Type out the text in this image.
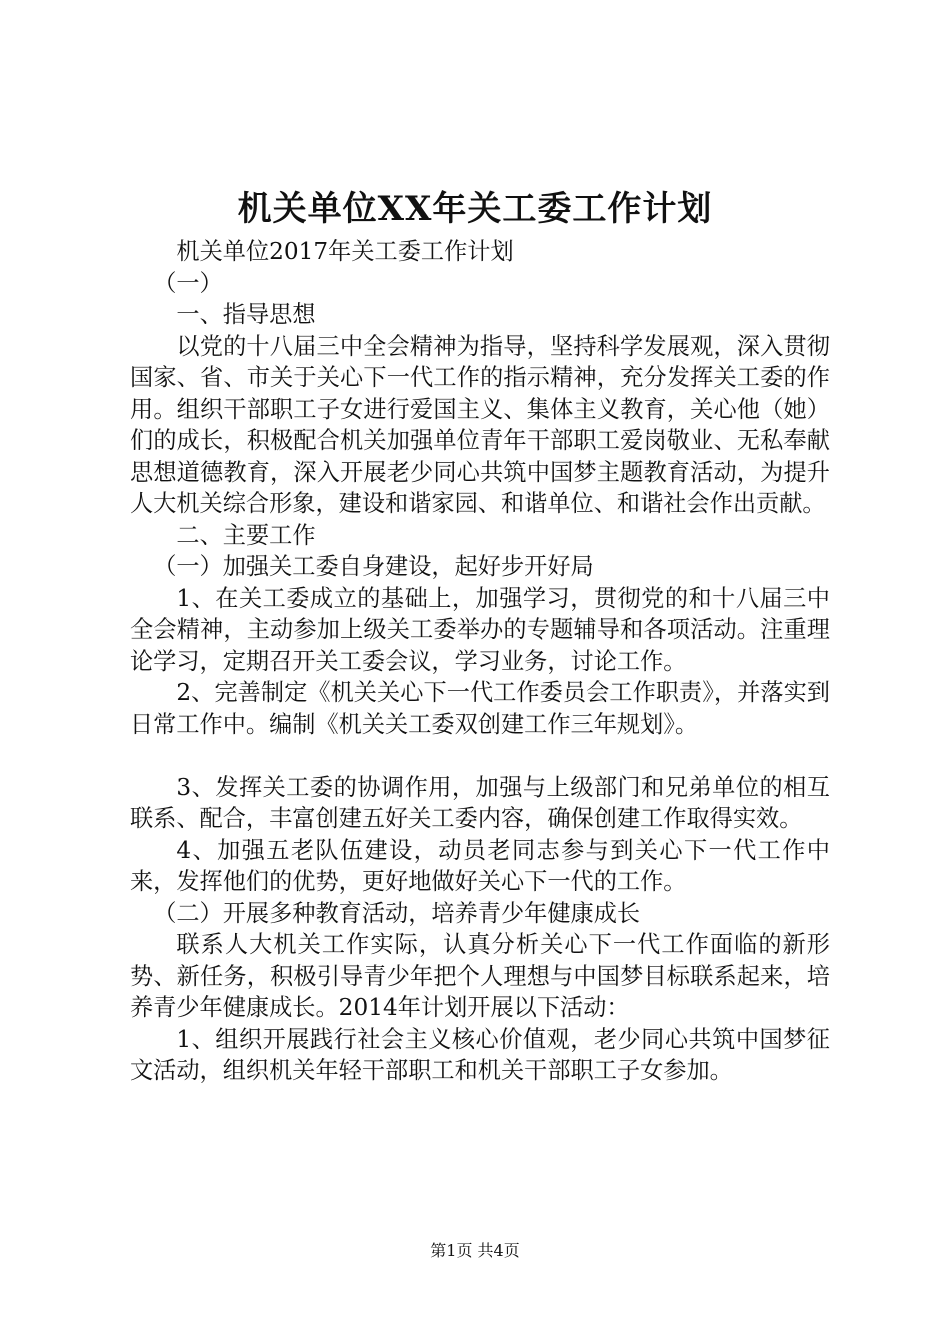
机关单位XX年关工委工作计划

机关单位2017年关工委工作计划

（一）

一、指导思想

以党的十八届三中全会精神为指导，坚持科学发展观，深入贯彻国家、省、市关于关心下一代工作的指示精神，充分发挥关工委的作用。组织干部职工子女进行爱国主义、集体主义教育，关心他（她）们的成长，积极配合机关加强单位青年干部职工爱岗敬业、无私奉献思想道德教育，深入开展老少同心共筑中国梦主题教育活动，为提升人大机关综合形象，建设和谐家园、和谐单位、和谐社会作出贡献。

二、主要工作

（一）加强关工委自身建设，起好步开好局

1、在关工委成立的基础上，加强学习，贯彻党的和十八届三中全会精神，主动参加上级关工委举办的专题辅导和各项活动。注重理论学习，定期召开关工委会议，学习业务，讨论工作。

2、完善制定《机关关心下一代工作委员会工作职责》，并落实到日常工作中。编制《机关关工委双创建工作三年规划》。

3、发挥关工委的协调作用，加强与上级部门和兄弟单位的相互联系、配合，丰富创建五好关工委内容，确保创建工作取得实效。

4、加强五老队伍建设，动员老同志参与到关心下一代工作中来，发挥他们的优势，更好地做好关心下一代的工作。

（二）开展多种教育活动，培养青少年健康成长

联系人大机关工作实际，认真分析关心下一代工作面临的新形势、新任务，积极引导青少年把个人理想与中国梦目标联系起来，培养青少年健康成长。2014年计划开展以下活动：

1、组织开展践行社会主义核心价值观，老少同心共筑中国梦征文活动，组织机关年轻干部职工和机关干部职工子女参加。

第1页 共4页
